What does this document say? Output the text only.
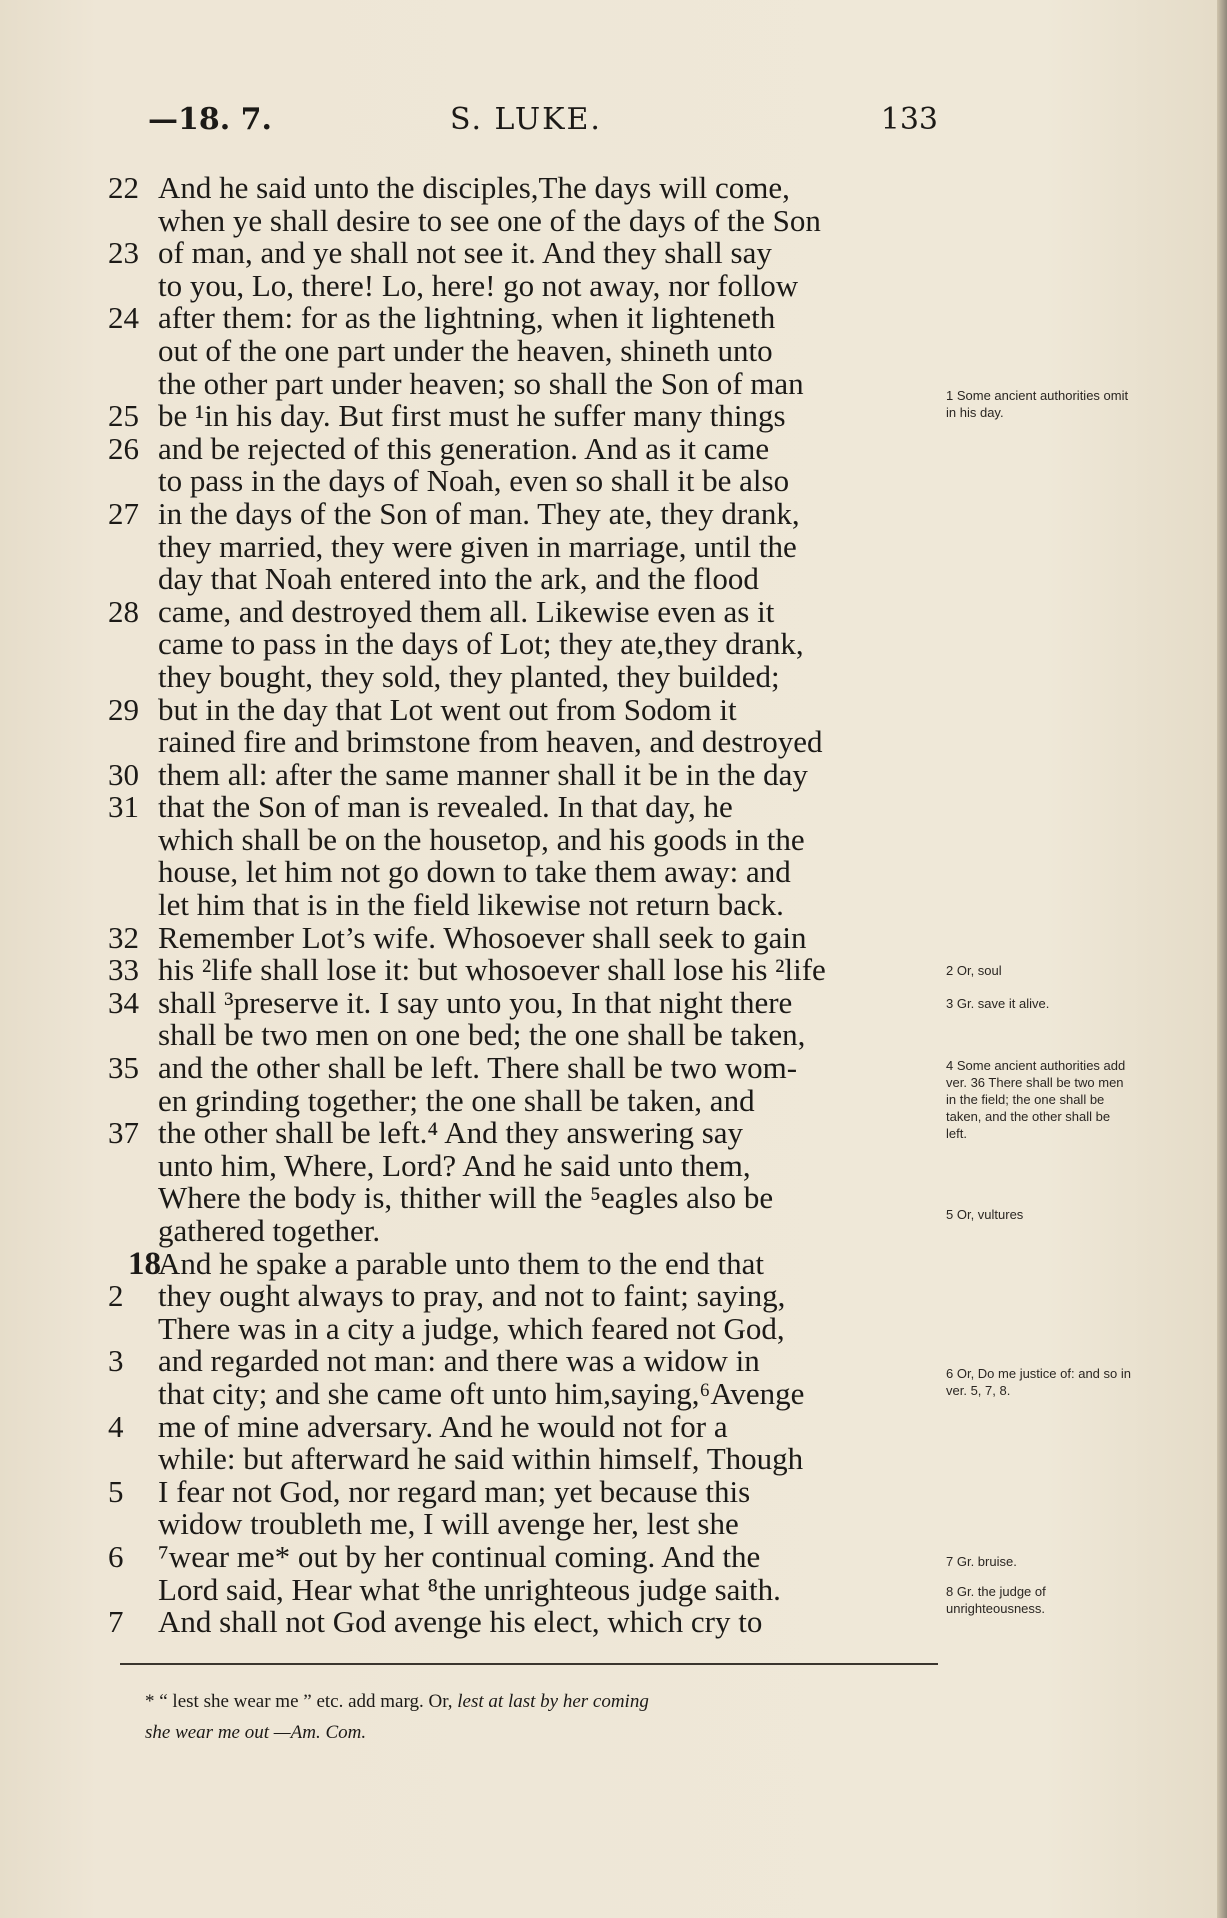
—18. 7.	S. LUKE.	133
22 And he said unto the disciples,The days will come,
when ye shall desire to see one of the days of the Son
23 of man, and ye shall not see it. And they shall say
to you, Lo, there! Lo, here! go not away, nor follow
24 after them: for as the lightning, when it lighteneth
out of the one part under the heaven, shineth unto
the other part under heaven; so shall the Son of man
25 be ¹in his day. But first must he suffer many things
26 and be rejected of this generation. And as it came
to pass in the days of Noah, even so shall it be also
27 in the days of the Son of man. They ate, they drank,
they married, they were given in marriage, until the
day that Noah entered into the ark, and the flood
28 came, and destroyed them all. Likewise even as it
came to pass in the days of Lot; they ate,they drank,
they bought, they sold, they planted, they builded;
29 but in the day that Lot went out from Sodom it
rained fire and brimstone from heaven, and destroyed
30 them all: after the same manner shall it be in the day
31 that the Son of man is revealed. In that day, he
which shall be on the housetop, and his goods in the
house, let him not go down to take them away: and
let him that is in the field likewise not return back.
32 Remember Lot’s wife. Whosoever shall seek to gain
33 his ²life shall lose it: but whosoever shall lose his ²life
34 shall ³preserve it. I say unto you, In that night there
shall be two men on one bed; the one shall be taken,
35 and the other shall be left. There shall be two wom-
en grinding together; the one shall be taken, and
37 the other shall be left.⁴ And they answering say
unto him, Where, Lord? And he said unto them,
Where the body is, thither will the ⁵eagles also be
gathered together.
18
And he spake a parable unto them to the end that
2	they ought always to pray, and not to faint; saying,
There was in a city a judge, which feared not God,
3	and regarded not man: and there was a widow in
that city; and she came oft unto him,saying,⁶Avenge
4	me of mine adversary. And he would not for a
while: but afterward he said within himself, Though
5	I fear not God, nor regard man; yet because this
widow troubleth me, I will avenge her, lest she
6	⁷wear me* out by her continual coming. And the
Lord said, Hear what ⁸the unrighteous judge saith.
7	And shall not God avenge his elect, which cry to
1 Some ancient authorities omit in his day.
2 Or, soul
3 Gr. save it alive.
4 Some ancient authorities add ver. 36 There shall be two men in the field; the one shall be taken, and the other shall be left.
5 Or, vultures
6 Or, Do me justice of: and so in ver. 5, 7, 8.
7 Gr. bruise.
8 Gr. the judge of unrighteousness.
* “ lest she wear me ” etc. add marg. Or, lest at last by her coming
she wear me out —Am. Com.
